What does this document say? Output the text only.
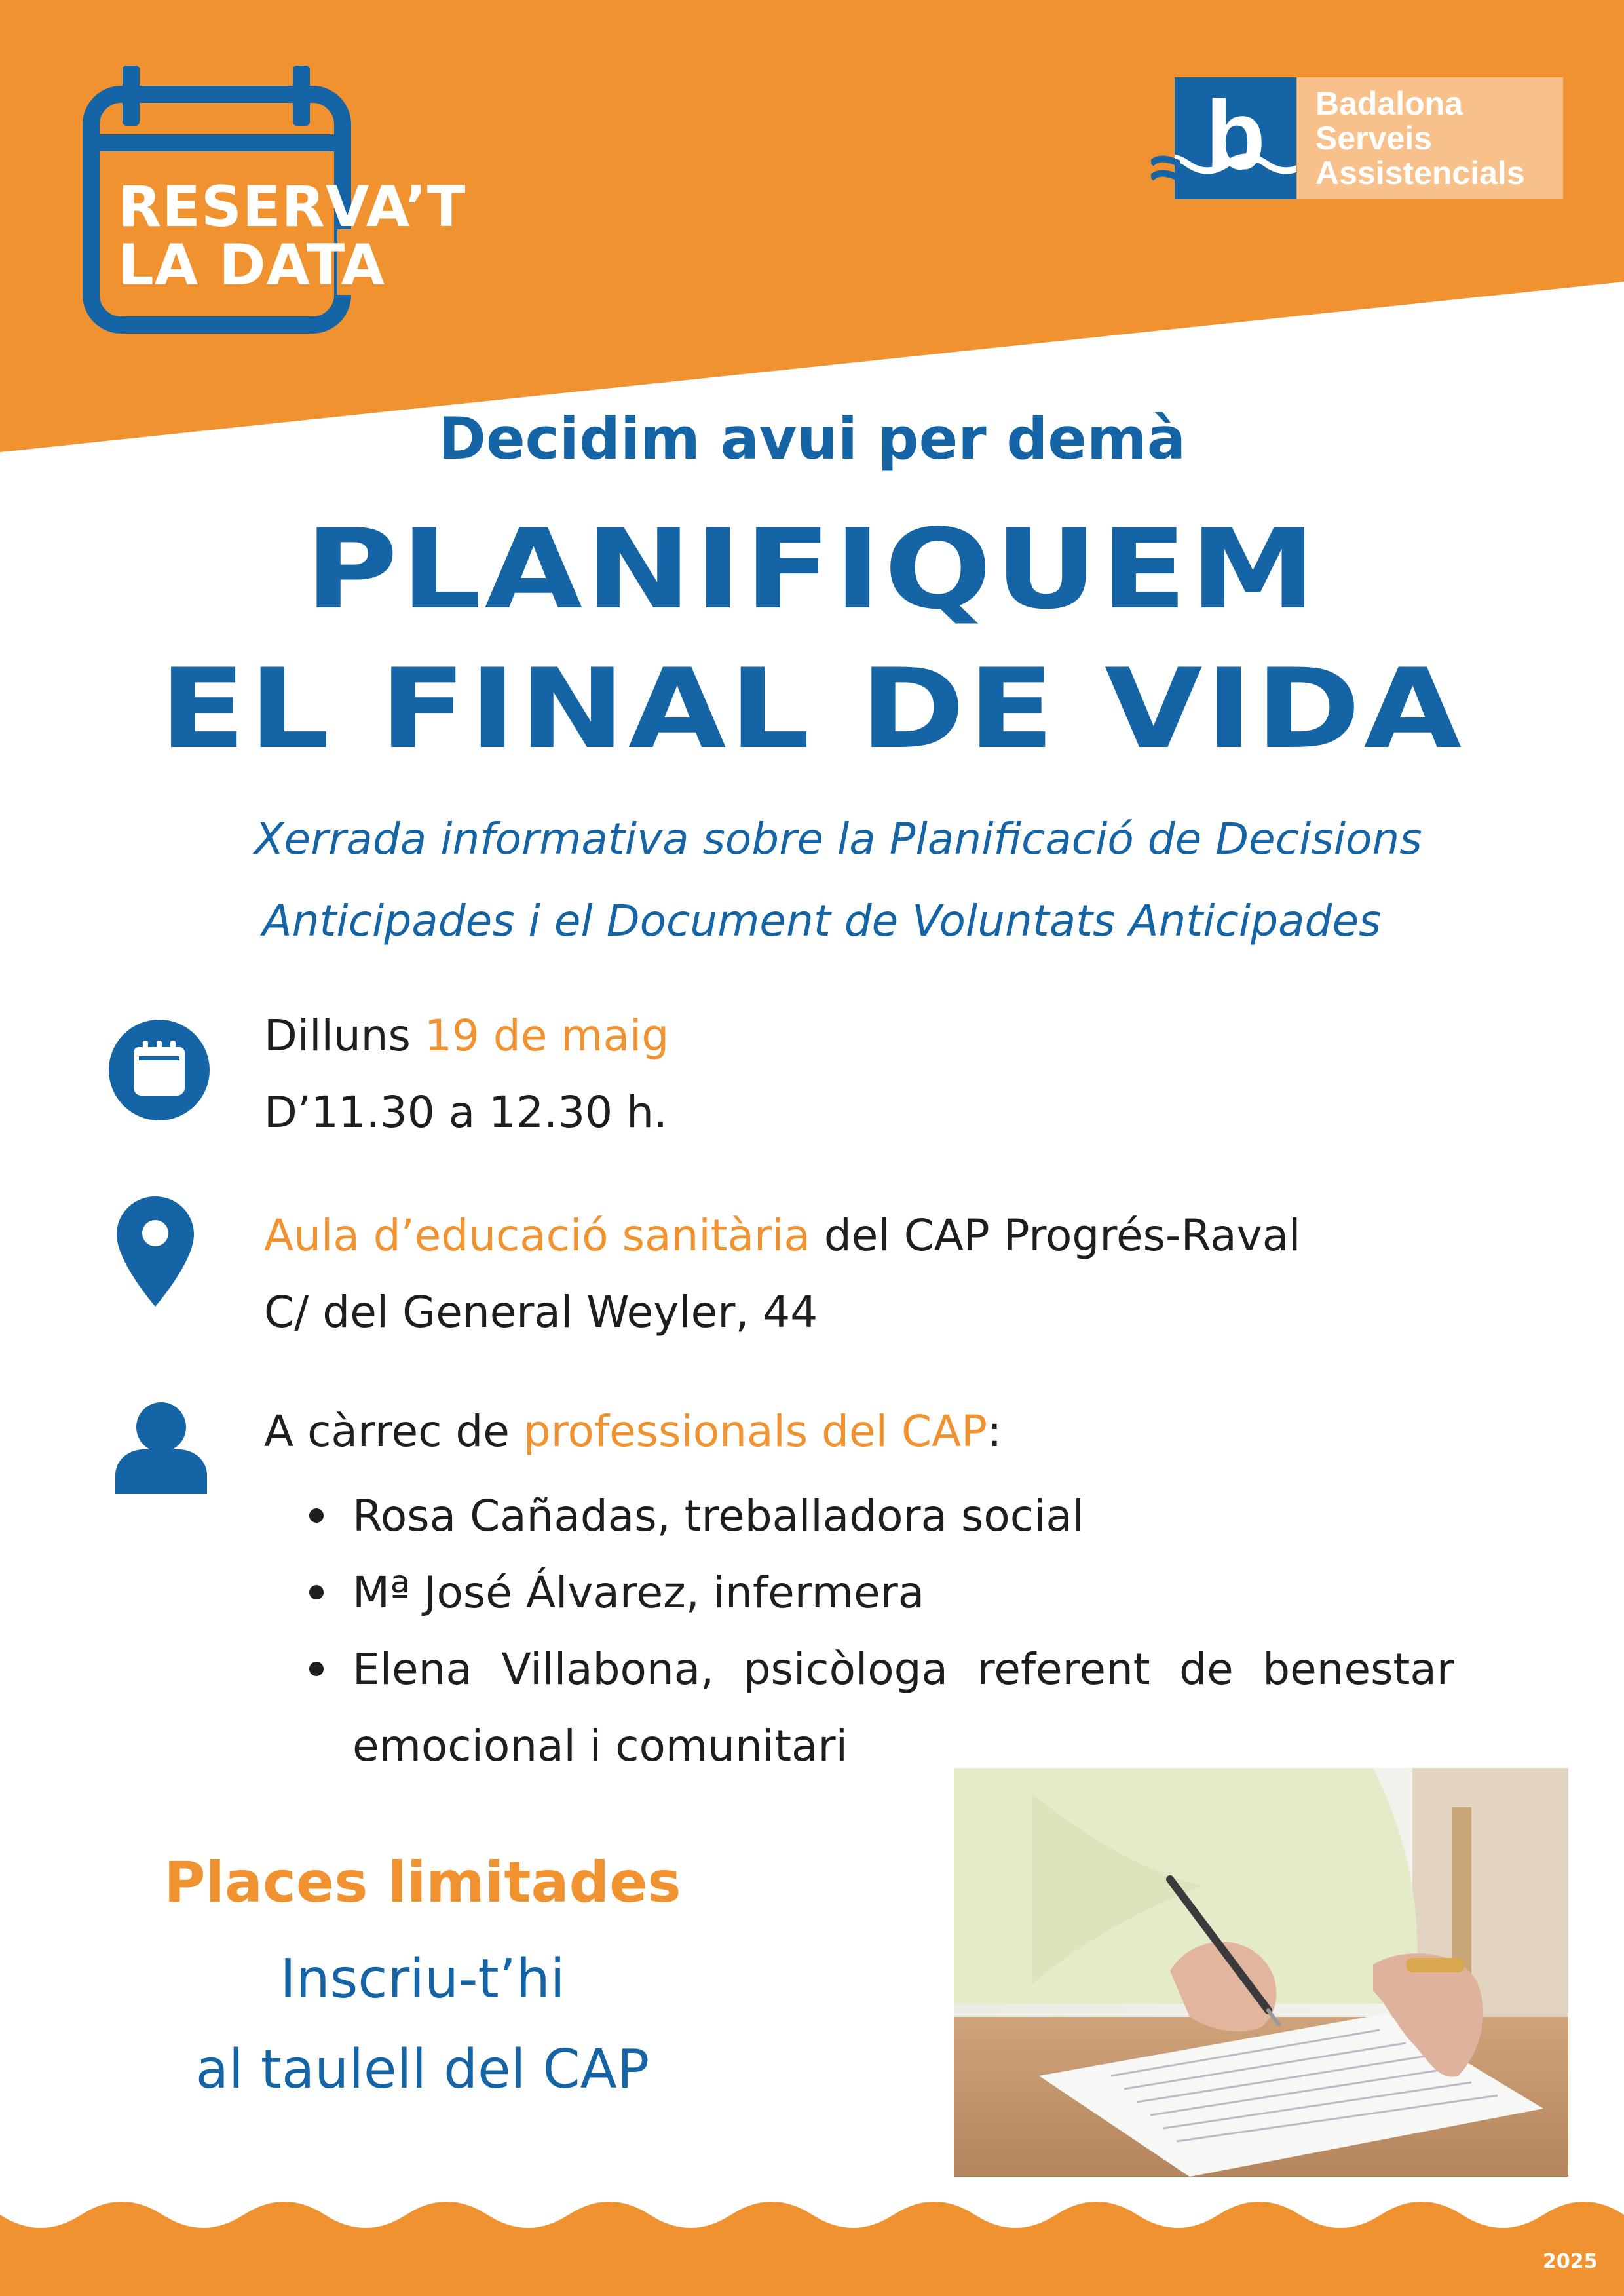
RESERVA’T
LA DATA
b Badalona
Serveis
Assistencials
Decidim avui per demà
PLANIFIQUEM
EL FINAL DE VIDA
Xerrada informativa sobre la Planificació de Decisions
Anticipades i el Document de Voluntats Anticipades
Dilluns 19 de maig
D’11.30 a 12.30 h.
Aula d’educació sanitària del CAP Progrés-Raval
C/ del General Weyler, 44
A càrrec de professionals del CAP:
Rosa Cañadas, treballadora social
Mª José Álvarez, infermera
Elena Villabona, psicòloga referent de benestar emocional i comunitari
Places limitades
Inscriu-t’hi
al taulell del CAP
2025
